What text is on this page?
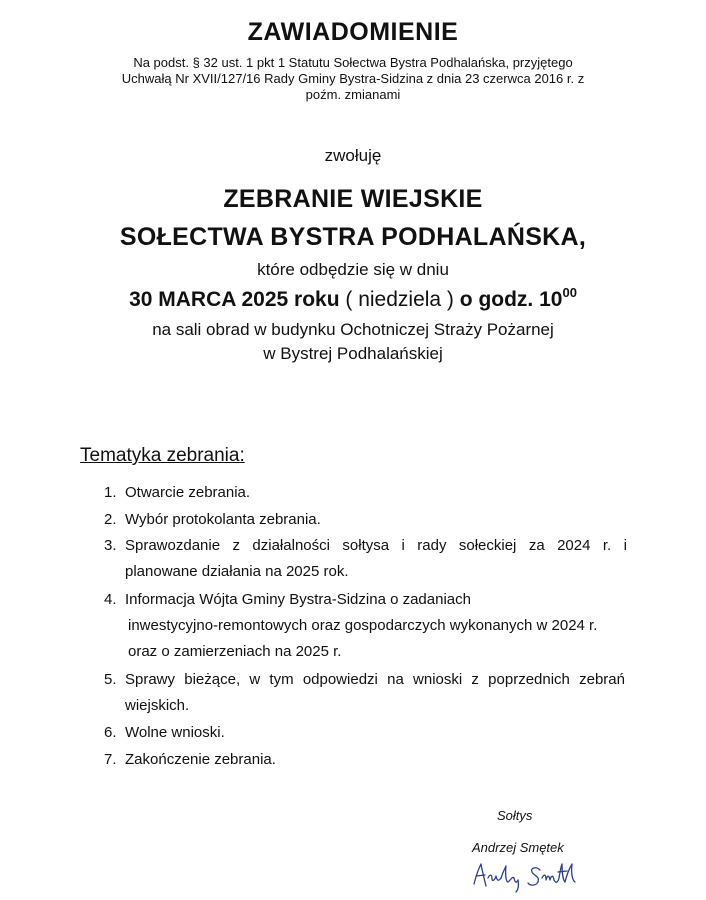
ZAWIADOMIENIE
Na podst. § 32 ust. 1 pkt 1 Statutu Sołectwa Bystra Podhalańska, przyjętego
Uchwałą Nr XVII/127/16 Rady Gminy Bystra-Sidzina z dnia 23 czerwca 2016 r. z
poźm. zmianami
zwołuję
ZEBRANIE WIEJSKIE
SOŁECTWA BYSTRA PODHALAŃSKA,
które odbędzie się w dniu
30 MARCA 2025 roku ( niedziela ) o godz. $10^{00}$
na sali obrad w budynku Ochotniczej Straży Pożarnej
w Bystrej Podhalańskiej
Tematyka zebrania:
1. Otwarcie zebrania.
2. Wybór protokolanta zebrania.
3. Sprawozdanie z działalności sołtysa i rady sołeckiej za 2024 r. i
planowane działania na 2025 rok.
4. Informacja Wójta Gminy Bystra-Sidzina o zadaniach
inwestycyjno-remontowych oraz gospodarczych wykonanych w 2024 r.
oraz o zamierzeniach na 2025 r.
5. Sprawy bieżące, w tym odpowiedzi na wnioski z poprzednich zebrań
wiejskich.
6. Wolne wnioski.
7. Zakończenie zebrania.
Sołtys
Andrzej Smętek
